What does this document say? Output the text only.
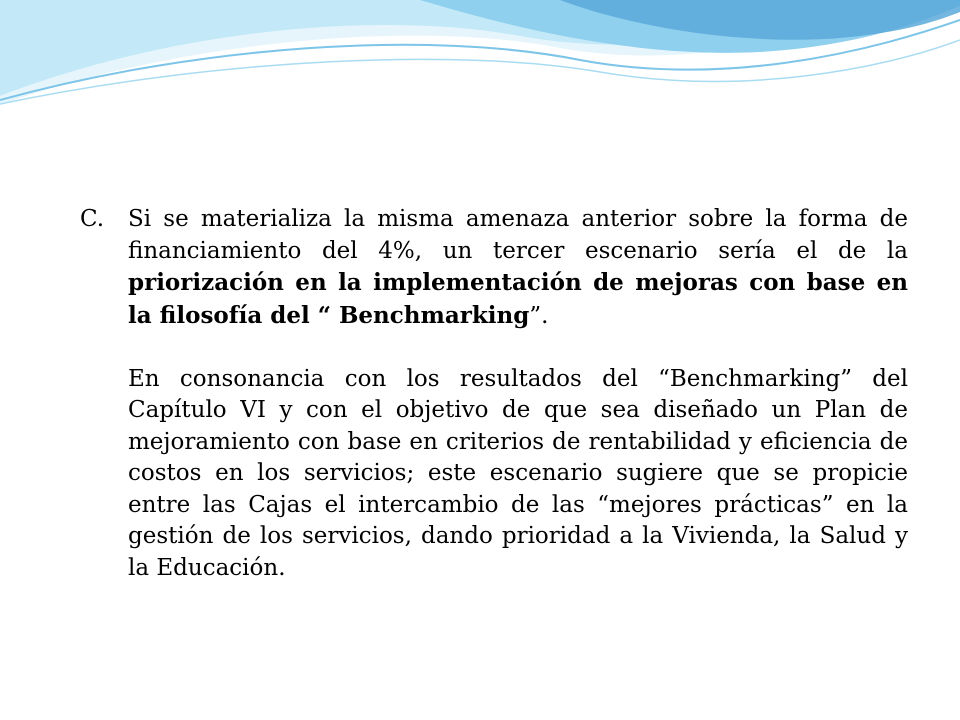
C.	Si se materializa la misma amenaza anterior sobre la forma de financiamiento del 4%, un tercer escenario sería el de la priorización en la implementación de mejoras con base en la filosofía del “ Benchmarking”.
En consonancia con los resultados del “Benchmarking” del Capítulo VI y con el objetivo de que sea diseñado un Plan de mejoramiento con base en criterios de rentabilidad y eficiencia de costos en los servicios; este escenario sugiere que se propicie entre las Cajas el intercambio de las “mejores prácticas” en la gestión de los servicios, dando prioridad a la Vivienda, la Salud y la Educación.
